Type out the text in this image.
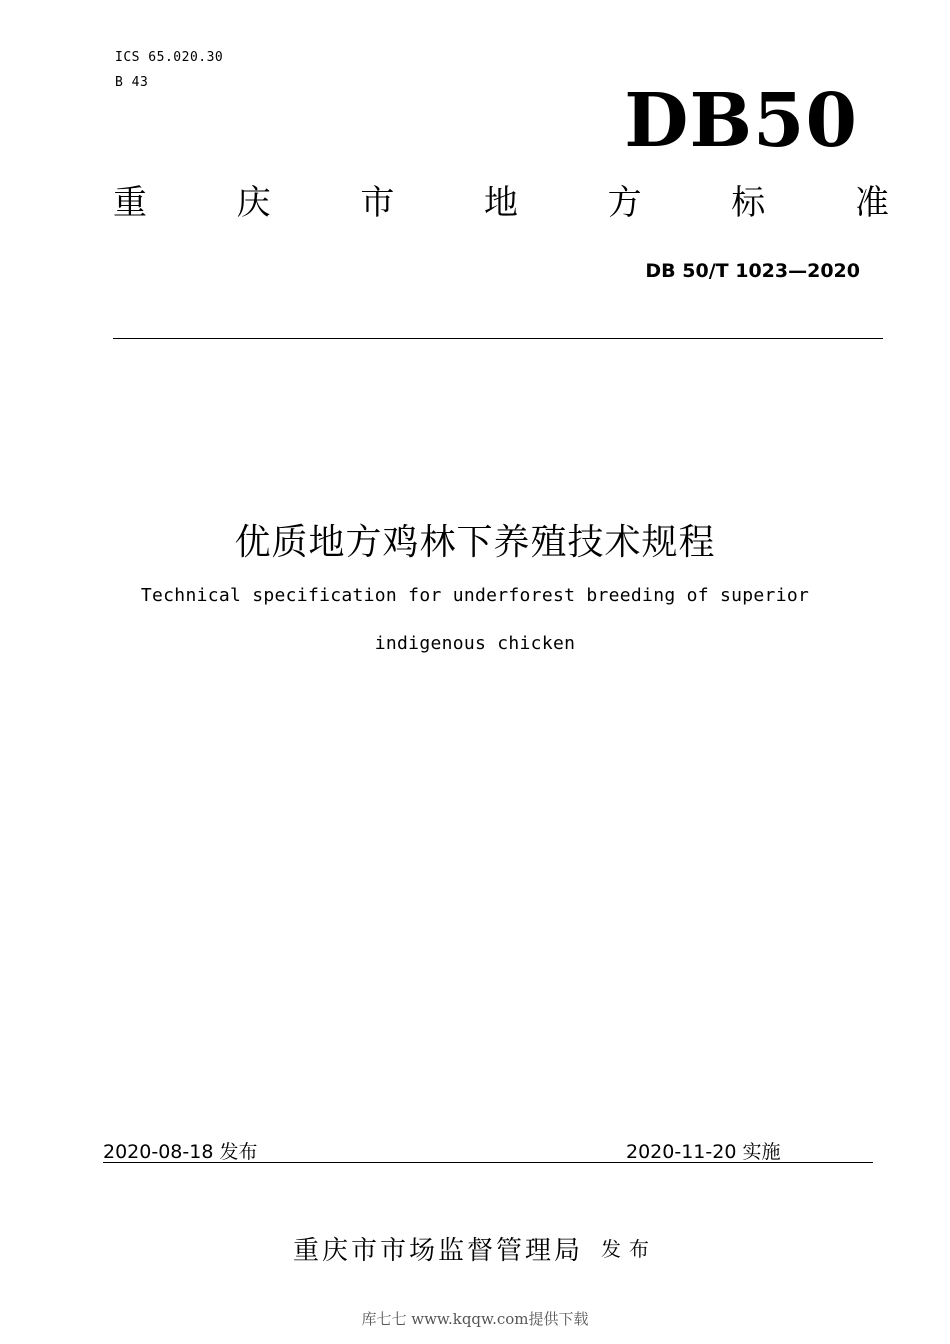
ICS 65.020.30
B 43	DB50
重	庆	市	地	方	标	准
DB 50/T 1023—2020
优质地方鸡林下养殖技术规程
Technical specification for underforest breeding of superior
indigenous chicken
2020-08-18 发布	2020-11-20 实施
重庆市市场监督管理局 发布
库七七 www.kqqw.com提供下载
